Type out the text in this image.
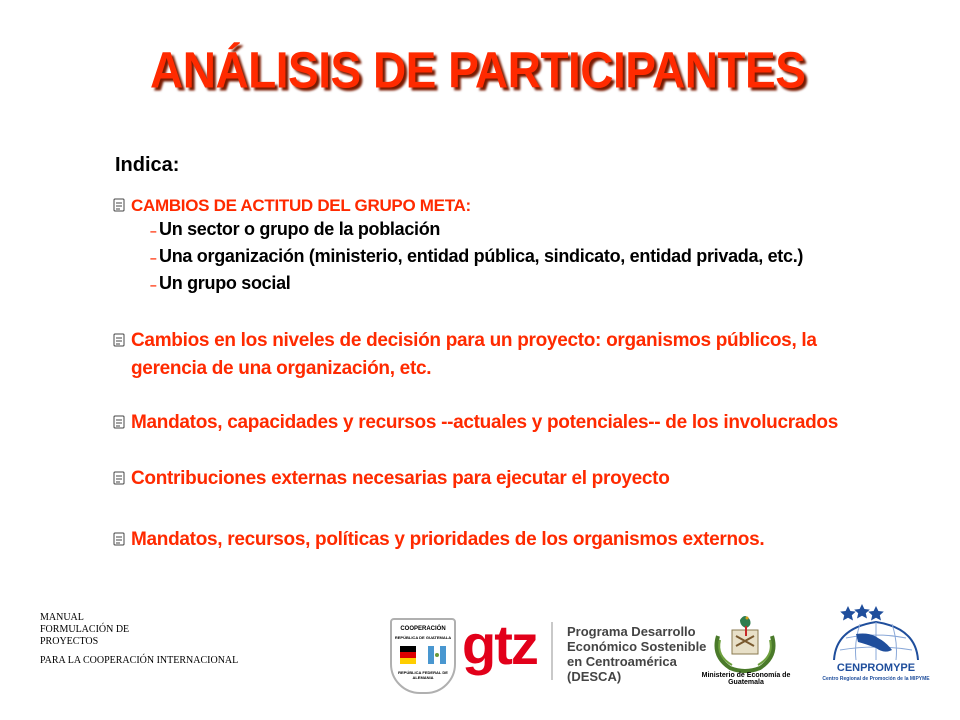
ANÁLISIS DE PARTICIPANTES
Indica:
CAMBIOS DE ACTITUD DEL GRUPO META:
– Un sector o grupo de la población
– Una organización (ministerio, entidad pública, sindicato, entidad privada, etc.)
– Un grupo social
Cambios en los niveles de decisión para un proyecto: organismos públicos, la
gerencia de una organización, etc.
Mandatos, capacidades y recursos --actuales y potenciales-- de los involucrados
Contribuciones externas necesarias para ejecutar el proyecto
Mandatos, recursos, políticas y prioridades de los organismos externos.
MANUAL
FORMULACIÓN DE
PROYECTOS
PARA LA COOPERACIÓN INTERNACIONAL
COOPERACIÓN
REPÚBLICA DE GUATEMALA
REPÚBLICA FEDERAL DE ALEMANIA
gtz Programa Desarrollo
Económico Sostenible
en Centroamérica
(DESCA)	Ministerio de Economía de Guatemala
CENPROMYPE
Centro Regional de Promoción de la MIPYME
